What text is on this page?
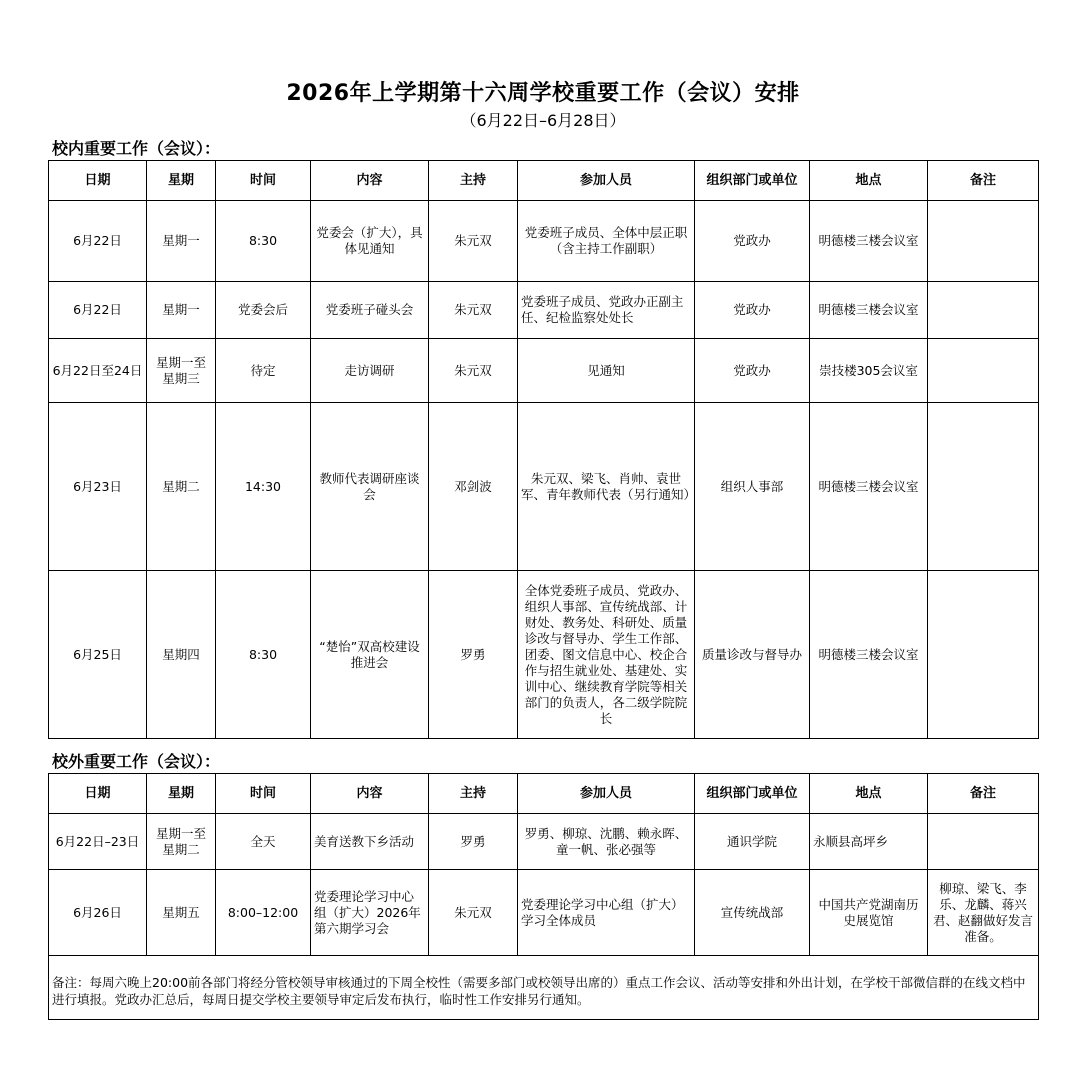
2026年上学期第十六周学校重要工作（会议）安排
（6月22日–6月28日）
校内重要工作（会议）：
日期	星期	时间	内容	主持	参加人员	组织部门或单位	地点	备注
6月22日	星期一	8:30	党委会（扩大），具体见通知	朱元双	党委班子成员、全体中层正职（含主持工作副职）	党政办	明德楼三楼会议室	
6月22日	星期一	党委会后	党委班子碰头会	朱元双	党委班子成员、党政办正副主任、纪检监察处处长	党政办	明德楼三楼会议室	
6月22日至24日	星期一至星期三	待定	走访调研	朱元双	见通知	党政办	崇技楼305会议室	
6月23日	星期二	14:30	教师代表调研座谈会	邓剑波	朱元双、梁飞、肖帅、袁世军、青年教师代表（另行通知）	组织人事部	明德楼三楼会议室	
6月25日	星期四	8:30	“楚怡”双高校建设推进会	罗勇	全体党委班子成员、党政办、组织人事部、宣传统战部、计财处、教务处、科研处、质量诊改与督导办、学生工作部、团委、图文信息中心、校企合作与招生就业处、基建处、实训中心、继续教育学院等相关部门的负责人，各二级学院院长	质量诊改与督导办	明德楼三楼会议室	
校外重要工作（会议）：
日期	星期	时间	内容	主持	参加人员	组织部门或单位	地点	备注
6月22日–23日	星期一至星期二	全天	美育送教下乡活动	罗勇	罗勇、柳琼、沈鹏、赖永晖、童一帆、张必强等	通识学院	永顺县高坪乡	
6月26日	星期五	8:00–12:00	党委理论学习中心组（扩大）2026年第六期学习会	朱元双	党委理论学习中心组（扩大）学习全体成员	宣传统战部	中国共产党湖南历史展览馆	柳琼、梁飞、李乐、龙麟、蒋兴君、赵翻做好发言准备。
备注：每周六晚上20:00前各部门将经分管校领导审核通过的下周全校性（需要多部门或校领导出席的）重点工作会议、活动等安排和外出计划，在学校干部微信群的在线文档中进行填报。党政办汇总后，每周日提交学校主要领导审定后发布执行，临时性工作安排另行通知。								
